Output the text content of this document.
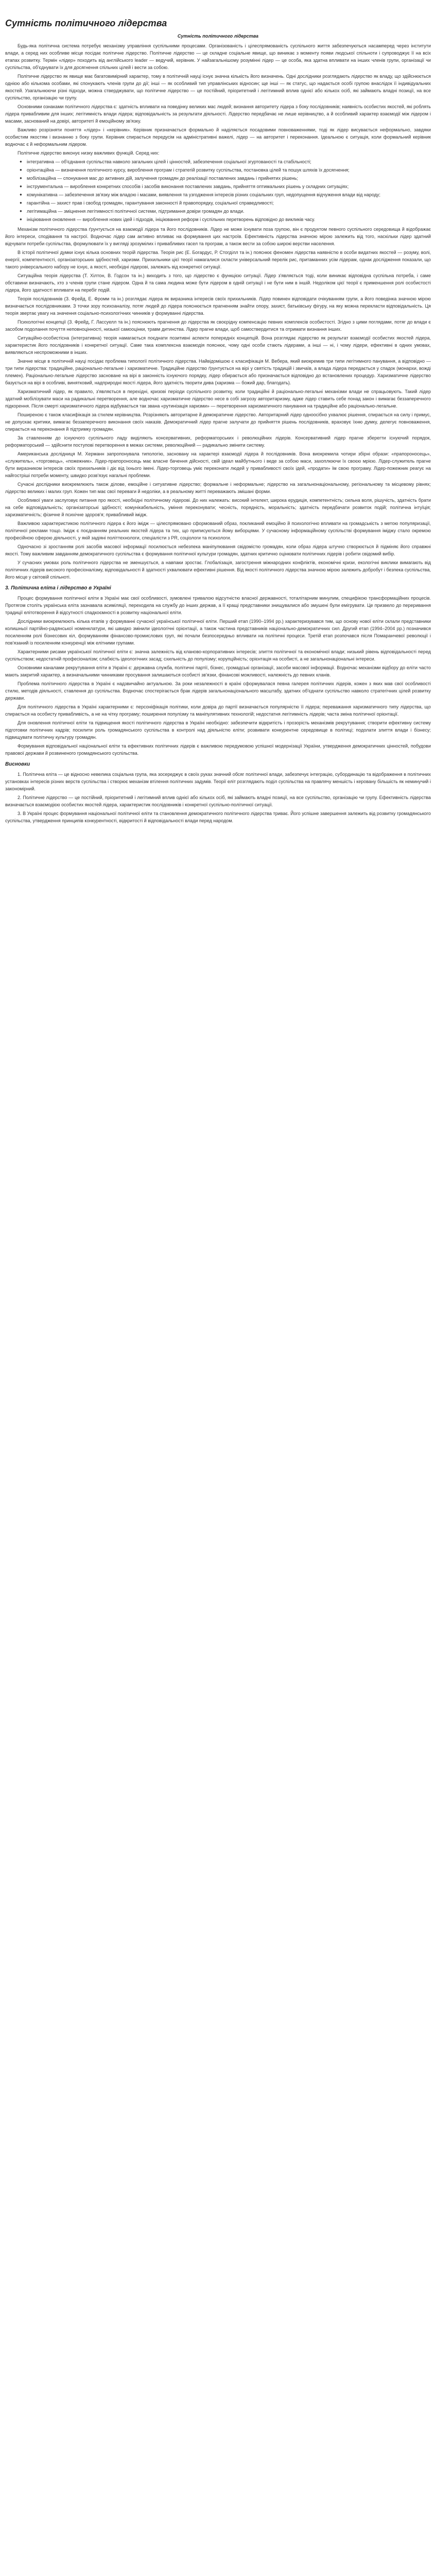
Сутність політичного лідерства
Сутність політичного лідерства

Будь-яка політична система потребує механізму управління суспільними процесами. Організованість і цілеспрямованість суспільного життя забезпечуються насамперед через інститути влади, а серед них особливе місце посідає політичне лідерство. Політичне лідерство — це складне соціальне явище, що виникає з моменту появи людської спільноти і супроводжує її на всіх етапах розвитку. Термін «лідер» походить від англійського leader — ведучий, керівник. У найзагальнішому розумінні лідер — це особа, яка здатна впливати на інших членів групи, організації чи суспільства, об'єднувати їх для досягнення спільних цілей і вести за собою.

Політичне лідерство як явище має багатовимірний характер, тому в політичній науці існує значна кількість його визначень. Одні дослідники розглядають лідерство як владу, що здійснюється однією або кількома особами, які спонукають членів групи до дії; інші — як особливий тип управлінських відносин; ще інші — як статус, що надається особі групою внаслідок її індивідуальних якостей. Узагальнюючи різні підходи, можна стверджувати, що політичне лідерство — це постійний, пріоритетний і легітимний вплив однієї або кількох осіб, які займають владні позиції, на все суспільство, організацію чи групу.

Основними ознаками політичного лідерства є: здатність впливати на поведінку великих мас людей; визнання авторитету лідера з боку послідовників; наявність особистих якостей, які роблять лідера привабливим для інших; легітимність влади лідера; відповідальність за результати діяльності. Лідерство передбачає не лише керівництво, а й особливий характер взаємодії між лідером і масами, заснований на довірі, авторитеті й емоційному зв'язку.

Важливо розрізняти поняття «лідер» і «керівник». Керівник призначається формально й наділяється посадовими повноваженнями, тоді як лідер висувається неформально, завдяки особистим якостям і визнанню з боку групи. Керівник спирається передусім на адміністративні важелі, лідер — на авторитет і переконання. Ідеальною є ситуація, коли формальний керівник водночас є й неформальним лідером.

Політичне лідерство виконує низку важливих функцій. Серед них:

● інтегративна — об'єднання суспільства навколо загальних цілей і цінностей, забезпечення соціальної згуртованості та стабільності;
● орієнтаційна — визначення політичного курсу, вироблення програм і стратегій розвитку суспільства, постановка цілей та пошук шляхів їх досягнення;
● мобілізаційна — спонукання мас до активних дій, залучення громадян до реалізації поставлених завдань і прийнятих рішень;
● інструментальна — вироблення конкретних способів і засобів виконання поставлених завдань, прийняття оптимальних рішень у складних ситуаціях;
● комунікативна — забезпечення зв'язку між владою і масами, виявлення та узгодження інтересів різних соціальних груп, недопущення відчуження влади від народу;
● гарантійна — захист прав і свобод громадян, гарантування законності й правопорядку, соціальної справедливості;
● легітимаційна — зміцнення легітимності політичної системи, підтримання довіри громадян до влади.
● ініціювання оновлення — вироблення нових ідей і підходів, ініціювання реформ і суспільних перетворень відповідно до викликів часу.

Механізм політичного лідерства ґрунтується на взаємодії лідера та його послідовників. Лідер не може існувати поза групою, він є продуктом певного суспільного середовища й відображає його інтереси, сподівання та настрої. Водночас лідер сам активно впливає на формування цих настроїв. Ефективність лідерства значною мірою залежить від того, наскільки лідер здатний відчувати потреби суспільства, формулювати їх у вигляді зрозумілих і привабливих гасел та програм, а також вести за собою широкі верстви населення.

В історії політичної думки існує кілька основних теорій лідерства. Теорія рис (Е. Богардус, Р. Стогділл та ін.) пояснює феномен лідерства наявністю в особи видатних якостей — розуму, волі, енергії, компетентності, організаторських здібностей, харизми. Прихильники цієї теорії намагалися скласти універсальний перелік рис, притаманних усім лідерам, однак дослідження показали, що такого універсального набору не існує, а якості, необхідні лідерові, залежать від конкретної ситуації.

Ситуаційна теорія лідерства (Т. Хілтон, В. Годсон та ін.) виходить з того, що лідерство є функцією ситуації. Лідер з'являється тоді, коли виникає відповідна суспільна потреба, і саме обставини визначають, хто з членів групи стане лідером. Одна й та сама людина може бути лідером в одній ситуації і не бути ним в іншій. Недоліком цієї теорії є применшення ролі особистості лідера, його здатності впливати на перебіг подій.

Теорія послідовників (З. Фрейд, Е. Фромм та ін.) розглядає лідера як виразника інтересів своїх прихильників. Лідер повинен відповідати очікуванням групи, а його поведінка значною мірою визначається послідовниками. З точки зору психоаналізу, потяг людей до лідера пояснюється прагненням знайти опору, захист, батьківську фігуру, на яку можна перекласти відповідальність. Ця теорія звертає увагу на значення соціально-психологічних чинників у формуванні лідерства.

Психологічні концепції (З. Фрейд, Г. Лассуелл та ін.) пояснюють прагнення до лідерства як своєрідну компенсацію певних комплексів особистості. Згідно з цими поглядами, потяг до влади є засобом подолання почуття неповноцінності, низької самооцінки, травм дитинства. Лідер прагне влади, щоб самоствердитися та отримати визнання інших.

Ситуаційно-особистісна (інтегративна) теорія намагається поєднати позитивні аспекти попередніх концепцій. Вона розглядає лідерство як результат взаємодії особистих якостей лідера, характеристик його послідовників і конкретної ситуації. Саме така комплексна взаємодія пояснює, чому одні особи стають лідерами, а інші — ні, і чому лідери, ефективні в одних умовах, виявляються неспроможними в інших.

Значне місце в політичній науці посідає проблема типології політичного лідерства. Найвідомішою є класифікація М. Вебера, який виокремив три типи легітимного панування, а відповідно — три типи лідерства: традиційне, раціонально-легальне і харизматичне. Традиційне лідерство ґрунтується на вірі у святість традицій і звичаїв, а влада лідера передається у спадок (монархи, вожді племен). Раціонально-легальне лідерство засноване на вірі в законність існуючого порядку, лідер обирається або призначається відповідно до встановлених процедур. Харизматичне лідерство базується на вірі в особливі, винятковий, надприродні якості лідера, його здатність творити дива (харизма — божий дар, благодать).

Харизматичний лідер, як правило, з'являється в перехідні, кризові періоди суспільного розвитку, коли традиційні й раціонально-легальні механізми влади не спрацьовують. Такий лідер здатний мобілізувати маси на радикальні перетворення, але водночас харизматичне лідерство несе в собі загрозу авторитаризму, адже лідер ставить себе понад закон і вимагає беззаперечного підкорення. Після смерті харизматичного лідера відбувається так звана «рутинізація харизми» — перетворення харизматичного панування на традиційне або раціонально-легальне.

Поширеною є також класифікація за стилем керівництва. Розрізняють авторитарне й демократичне лідерство. Авторитарний лідер одноосібно ухвалює рішення, спирається на силу і примус, не допускає критики, вимагає беззаперечного виконання своїх наказів. Демократичний лідер прагне залучати до прийняття рішень послідовників, враховує їхню думку, делегує повноваження, спирається на переконання й підтримку громадян.

За ставленням до існуючого суспільного ладу виділяють консервативних, реформаторських і революційних лідерів. Консервативний лідер прагне зберегти існуючий порядок, реформаторський — здійснити поступові перетворення в межах системи, революційний — радикально змінити систему.

Американська дослідниця М. Херманн запропонувала типологію, засновану на характері взаємодії лідера й послідовників. Вона виокремила чотири збірні образи: «прапороносець», «служитель», «торговець», «пожежник». Лідер-прапороносець має власне бачення дійсності, свій ідеал майбутнього і веде за собою маси, захоплюючи їх своєю мрією. Лідер-служитель прагне бути виразником інтересів своїх прихильників і діє від їхнього імені. Лідер-торговець уміє переконати людей у привабливості своїх ідей, «продати» їм свою програму. Лідер-пожежник реагує на найгостріші потреби моменту, швидко розв'язує нагальні проблеми.

Сучасні дослідники виокремлюють також ділове, емоційне і ситуативне лідерство; формальне і неформальне; лідерство на загальнонаціональному, регіональному та місцевому рівнях; лідерство великих і малих груп. Кожен тип має свої переваги й недоліки, а в реальному житті переважають змішані форми.

Особливої уваги заслуговує питання про якості, необхідні політичному лідерові. До них належать: високий інтелект, широка ерудиція, компетентність; сильна воля, рішучість, здатність брати на себе відповідальність; організаторські здібності; комунікабельність, уміння переконувати; чесність, порядність, моральність; здатність передбачати розвиток подій; політична інтуїція; харизматичність; фізичне й психічне здоров'я; привабливий імідж.

Важливою характеристикою політичного лідера є його імідж — цілеспрямовано сформований образ, покликаний емоційно й психологічно впливати на громадськість з метою популяризації, політичної реклами тощо. Імідж є поєднанням реальних якостей лідера та тих, що приписуються йому виборцями. У сучасному інформаційному суспільстві формування іміджу стало окремою професійною сферою діяльності, у якій задіяні політтехнологи, спеціалісти з PR, соціологи та психологи.

Одночасно зі зростанням ролі засобів масової інформації посилюється небезпека маніпулювання свідомістю громадян, коли образ лідера штучно створюється й підміняє його справжні якості. Тому важливим завданням демократичного суспільства є формування політичної культури громадян, здатних критично оцінювати політичних лідерів і робити свідомий вибір.

У сучасних умовах роль політичного лідерства не зменшується, а навпаки зростає. Глобалізація, загострення міжнародних конфліктів, економічні кризи, екологічні виклики вимагають від політичних лідерів високого професіоналізму, відповідальності й здатності ухвалювати ефективні рішення. Від якості політичного лідерства значною мірою залежить добробут і безпека суспільства, його місце у світовій спільноті.

3. Політична еліта і лідерство в Україні

Процес формування політичної еліти в Україні має свої особливості, зумовлені тривалою відсутністю власної державності, тоталітарним минулим, специфікою трансформаційних процесів. Протягом століть українська еліта зазнавала асиміляції, переходила на службу до інших держав, а її кращі представники знищувалися або змушені були емігрувати. Це призвело до переривання традиції елітотворення й відсутності спадкоємності в розвитку національної еліти.

Дослідники виокремлюють кілька етапів у формуванні сучасної української політичної еліти. Перший етап (1990–1994 рр.) характеризувався тим, що основу нової еліти склали представники колишньої партійно-радянської номенклатури, які швидко змінили ідеологічні орієнтації, а також частина представників національно-демократичних сил. Другий етап (1994–2004 рр.) позначився посиленням ролі бізнесових кіл, формуванням фінансово-промислових груп, які почали безпосередньо впливати на політичні процеси. Третій етап розпочався після Помаранчевої революції і пов'язаний із посиленням конкуренції між елітними групами.

Характерними рисами української політичної еліти є: значна залежність від кланово-корпоративних інтересів; злиття політичної та економічної влади; низький рівень відповідальності перед суспільством; недостатній професіоналізм; слабкість ідеологічних засад; схильність до популізму; корупційність; орієнтація на особисті, а не загальнонаціональні інтереси.

Основними каналами рекрутування еліти в Україні є: державна служба, політичні партії, бізнес, громадські організації, засоби масової інформації. Водночас механізми відбору до еліти часто мають закритий характер, а визначальними чинниками просування залишаються особисті зв'язки, фінансові можливості, належність до певних кланів.

Проблема політичного лідерства в Україні є надзвичайно актуальною. За роки незалежності в країні сформувалася певна галерея політичних лідерів, кожен з яких мав свої особливості стилю, методів діяльності, ставлення до суспільства. Водночас спостерігається брак лідерів загальнонаціонального масштабу, здатних об'єднати суспільство навколо стратегічних цілей розвитку держави.

Для політичного лідерства в Україні характерними є: персоніфікація політики, коли довіра до партії визначається популярністю її лідера; переважання харизматичного типу лідерства, що спирається на особисту привабливість, а не на чітку програму; поширення популізму та маніпулятивних технологій; недостатня легітимність лідерів; часта зміна політичної орієнтації.

Для оновлення політичної еліти та підвищення якості політичного лідерства в Україні необхідно: забезпечити відкритість і прозорість механізмів рекрутування; створити ефективну систему підготовки політичних кадрів; посилити роль громадянського суспільства в контролі над діяльністю еліти; розвивати конкурентне середовище в політиці; подолати злиття влади і бізнесу; підвищувати політичну культуру громадян.

Формування відповідальної національної еліти та ефективних політичних лідерів є важливою передумовою успішної модернізації України, утвердження демократичних цінностей, побудови правової держави й розвиненого громадянського суспільства.

Висновки

1. Політична еліта — це відносно невелика соціальна група, яка зосереджує в своїх руках значний обсяг політичної влади, забезпечує інтеграцію, субординацію та відображення в політичних установках інтересів різних верств суспільства і створює механізм втілення політичних задумів. Теорії еліт розглядають поділ суспільства на правлячу меншість і керовану більшість як неминучий і закономірний.

2. Політичне лідерство — це постійний, пріоритетний і легітимний вплив однієї або кількох осіб, які займають владні позиції, на все суспільство, організацію чи групу. Ефективність лідерства визначається взаємодією особистих якостей лідера, характеристик послідовників і конкретної суспільно-політичної ситуації.

3. В Україні процес формування національної політичної еліти та становлення демократичного політичного лідерства триває. Його успішне завершення залежить від розвитку громадянського суспільства, утвердження принципів конкурентності, відкритості й відповідальності влади перед народом.
